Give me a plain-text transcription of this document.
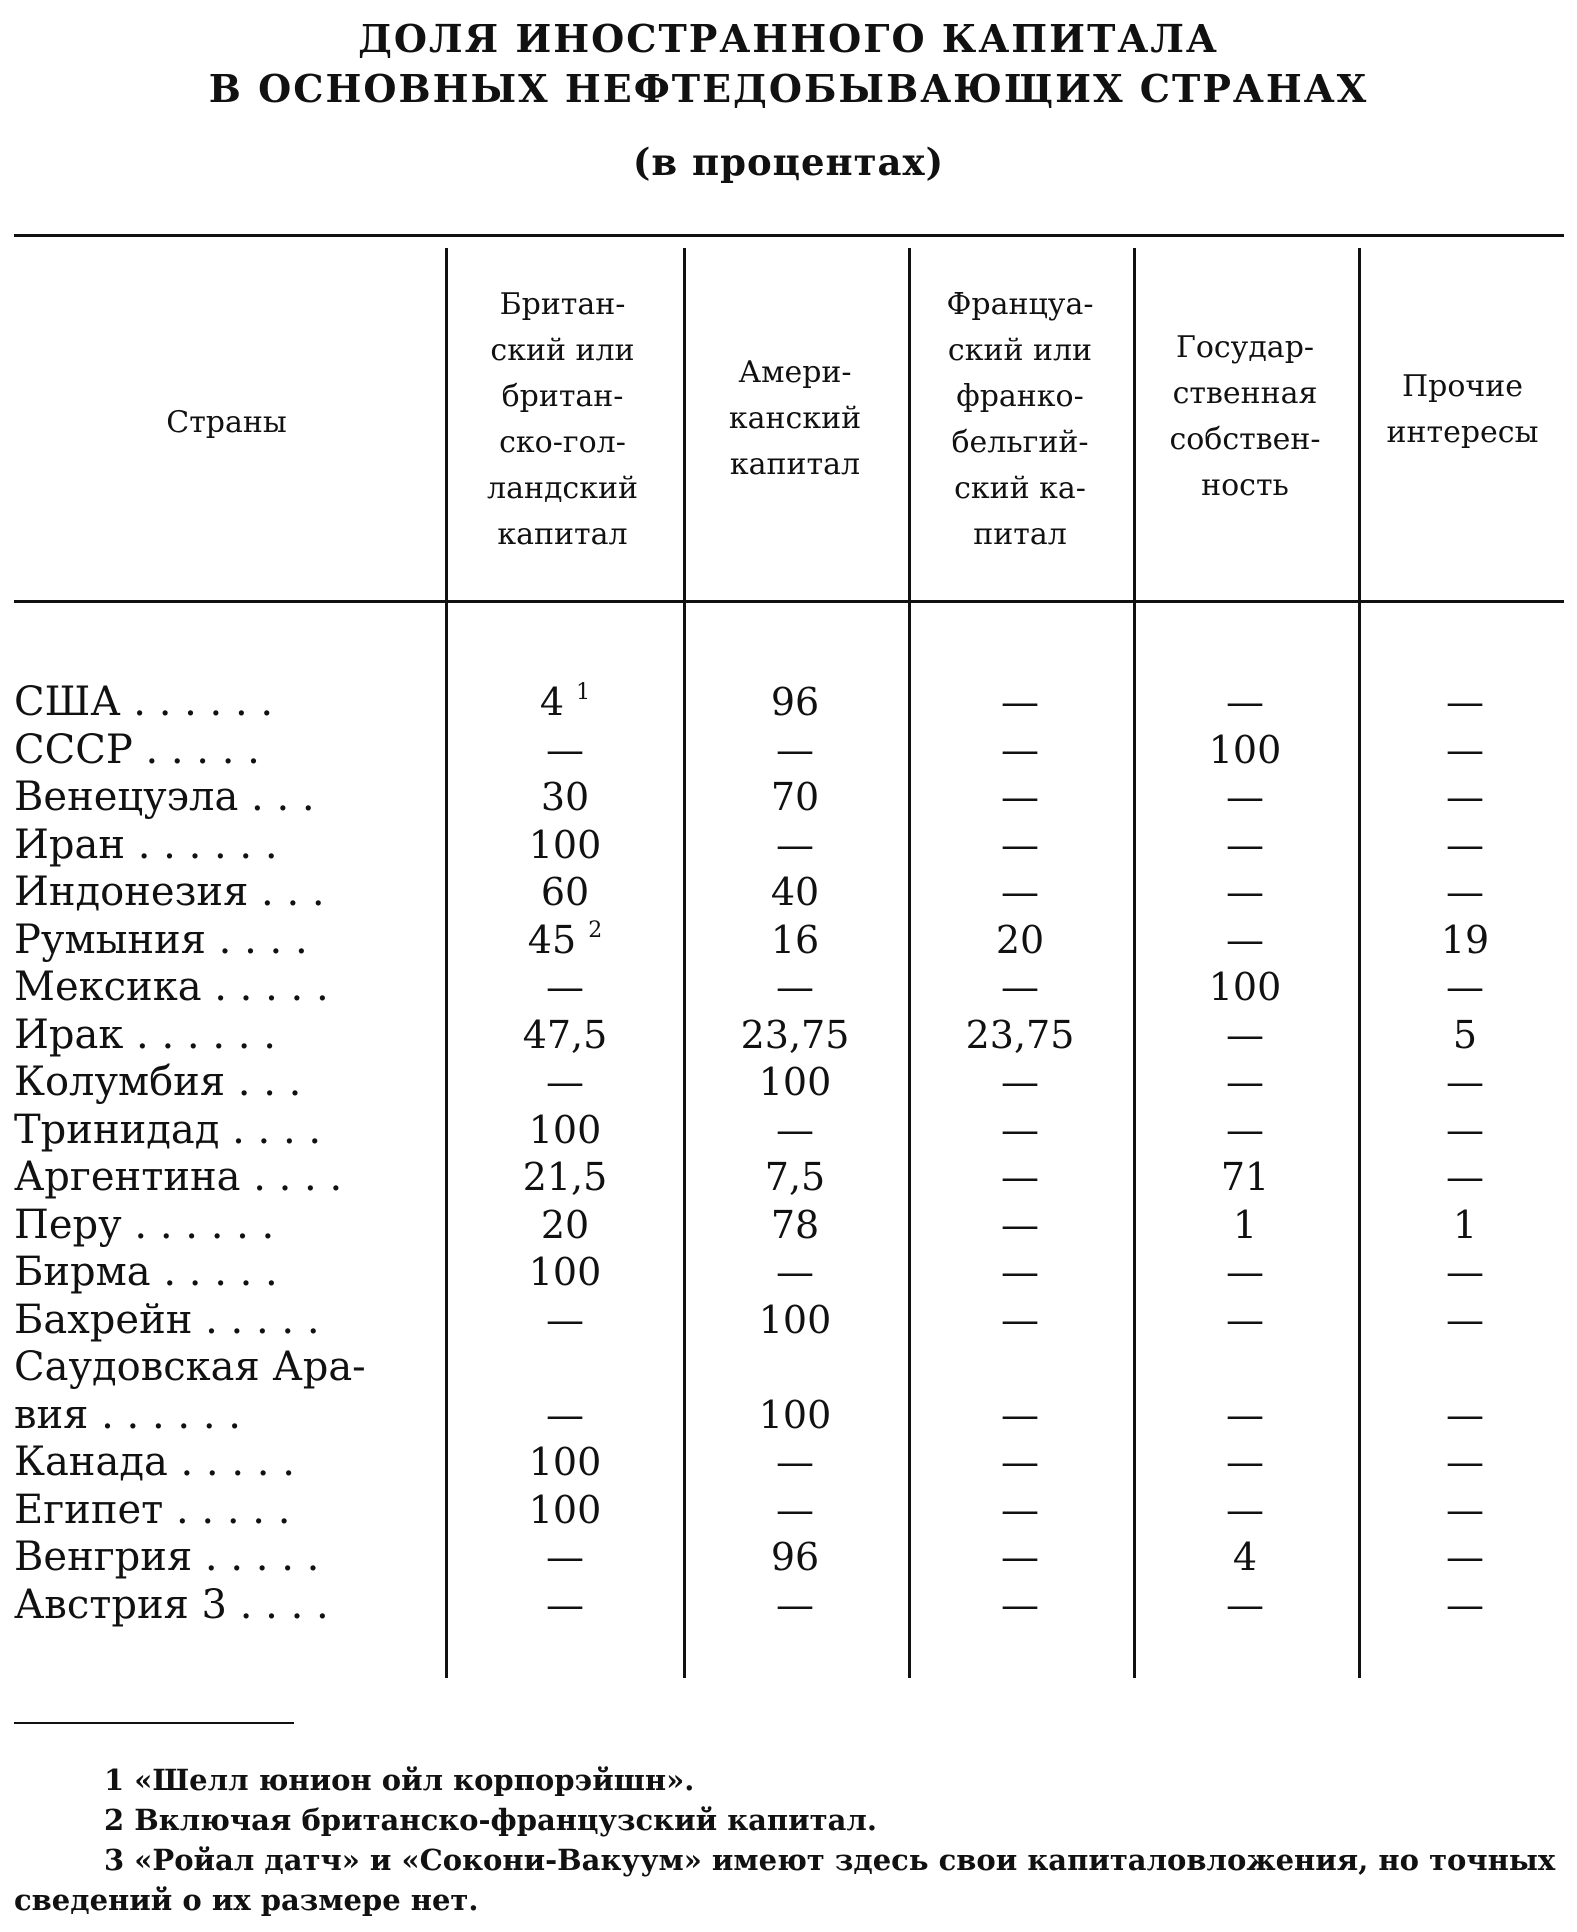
ДОЛЯ ИНОСТРАННОГО КАПИТАЛА
В ОСНОВНЫХ НЕФТЕДОБЫВАЮЩИХ СТРАНАХ
(в процентах)
Страны
Британ-
ский или
британ-
ско-гол-
ландский
капитал
Амери-
канский
капитал
Француа-
ский или
франко-
бельгий-
ский ка-
питал
Государ-
ственная
собствен-
ность
Прочие
интересы
США . . . . . .	4 $^1$	96	—	—	—
СССР . . . . .	—	—	—	100	—
Венецуэла . . .	30	70	—	—	—
Иран . . . . . .	100	—	—	—	—
Индонезия . . .	60	40	—	—	—
Румыния . . . .	45 $^2$	16	20	—	19
Мексика . . . . .	—	—	—	100	—
Ирак . . . . . .	47,5	23,75	23,75	—	5
Колумбия . . .	—	100	—	—	—
Тринидад . . . .	100	—	—	—	—
Аргентина . . . .	21,5	7,5	—	71	—
Перу . . . . . .	20	78	—	1	1
Бирма . . . . .	100	—	—	—	—
Бахрейн . . . . .	—	100	—	—	—
Саудовская Ара-
вия . . . . . .	—	100	—	—	—
Канада . . . . .	100	—	—	—	—
Египет . . . . .	100	—	—	—	—
Венгрия . . . . .	—	96	—	4	—
Австрия 3 . . . .	—	—	—	—	—
1 «Шелл юнион ойл корпорэйшн».
2 Включая британско-французский капитал.
3 «Ройал датч» и «Сокони-Вакуум» имеют здесь свои капиталовложения, но точных сведений о их размере нет.
